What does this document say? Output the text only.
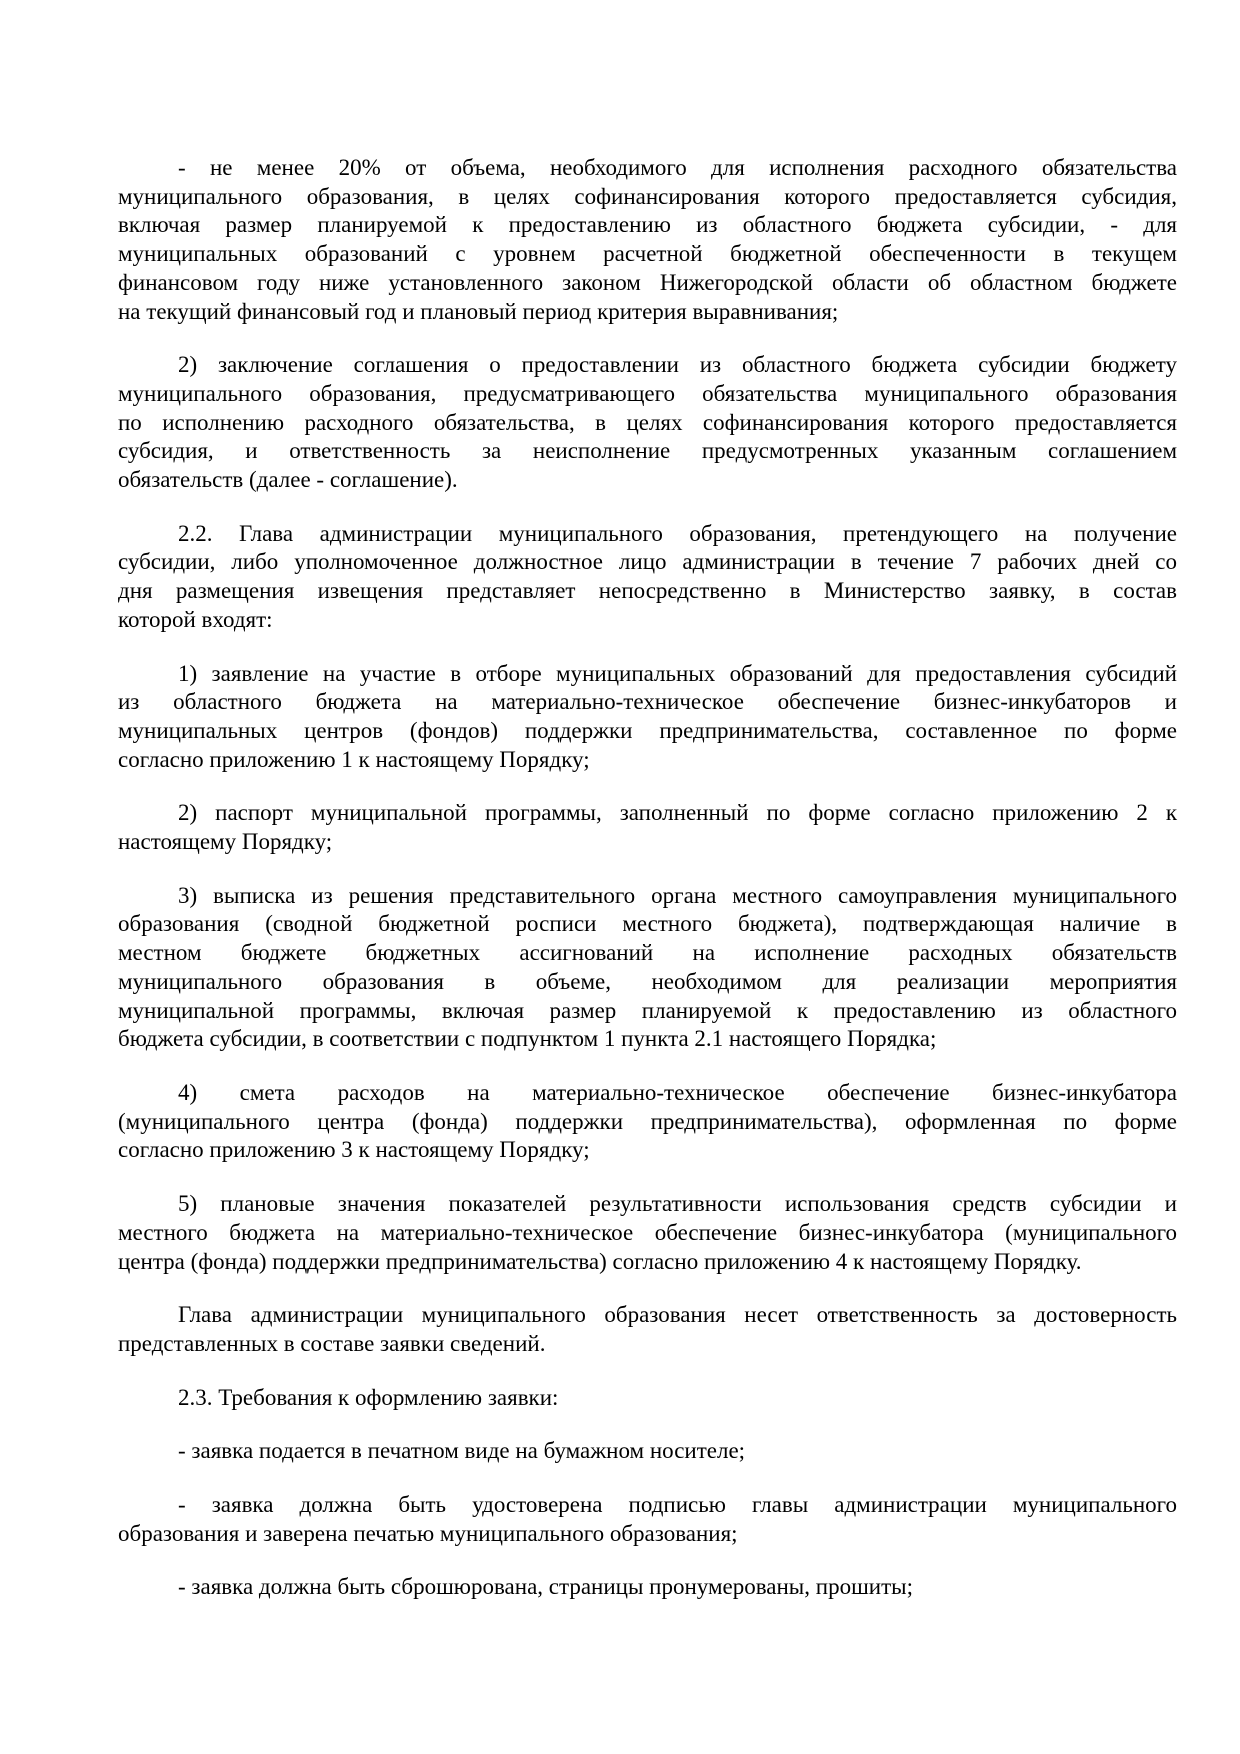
- не менее 20% от объема, необходимого для исполнения расходного обязательства
муниципального образования, в целях софинансирования которого предоставляется субсидия,
включая размер планируемой к предоставлению из областного бюджета субсидии, - для
муниципальных образований с уровнем расчетной бюджетной обеспеченности в текущем
финансовом году ниже установленного законом Нижегородской области об областном бюджете
на текущий финансовый год и плановый период критерия выравнивания;
2) заключение соглашения о предоставлении из областного бюджета субсидии бюджету
муниципального образования, предусматривающего обязательства муниципального образования
по исполнению расходного обязательства, в целях софинансирования которого предоставляется
субсидия, и ответственность за неисполнение предусмотренных указанным соглашением
обязательств (далее - соглашение).
2.2. Глава администрации муниципального образования, претендующего на получение
субсидии, либо уполномоченное должностное лицо администрации в течение 7 рабочих дней со
дня размещения извещения представляет непосредственно в Министерство заявку, в состав
которой входят:
1) заявление на участие в отборе муниципальных образований для предоставления субсидий
из областного бюджета на материально-техническое обеспечение бизнес-инкубаторов и
муниципальных центров (фондов) поддержки предпринимательства, составленное по форме
согласно приложению 1 к настоящему Порядку;
2) паспорт муниципальной программы, заполненный по форме согласно приложению 2 к
настоящему Порядку;
3) выписка из решения представительного органа местного самоуправления муниципального
образования (сводной бюджетной росписи местного бюджета), подтверждающая наличие в
местном бюджете бюджетных ассигнований на исполнение расходных обязательств
муниципального образования в объеме, необходимом для реализации мероприятия
муниципальной программы, включая размер планируемой к предоставлению из областного
бюджета субсидии, в соответствии с подпунктом 1 пункта 2.1 настоящего Порядка;
4) смета расходов на материально-техническое обеспечение бизнес-инкубатора
(муниципального центра (фонда) поддержки предпринимательства), оформленная по форме
согласно приложению 3 к настоящему Порядку;
5) плановые значения показателей результативности использования средств субсидии и
местного бюджета на материально-техническое обеспечение бизнес-инкубатора (муниципального
центра (фонда) поддержки предпринимательства) согласно приложению 4 к настоящему Порядку.
Глава администрации муниципального образования несет ответственность за достоверность
представленных в составе заявки сведений.
2.3. Требования к оформлению заявки:
- заявка подается в печатном виде на бумажном носителе;
- заявка должна быть удостоверена подписью главы администрации муниципального
образования и заверена печатью муниципального образования;
- заявка должна быть сброшюрована, страницы пронумерованы, прошиты;
